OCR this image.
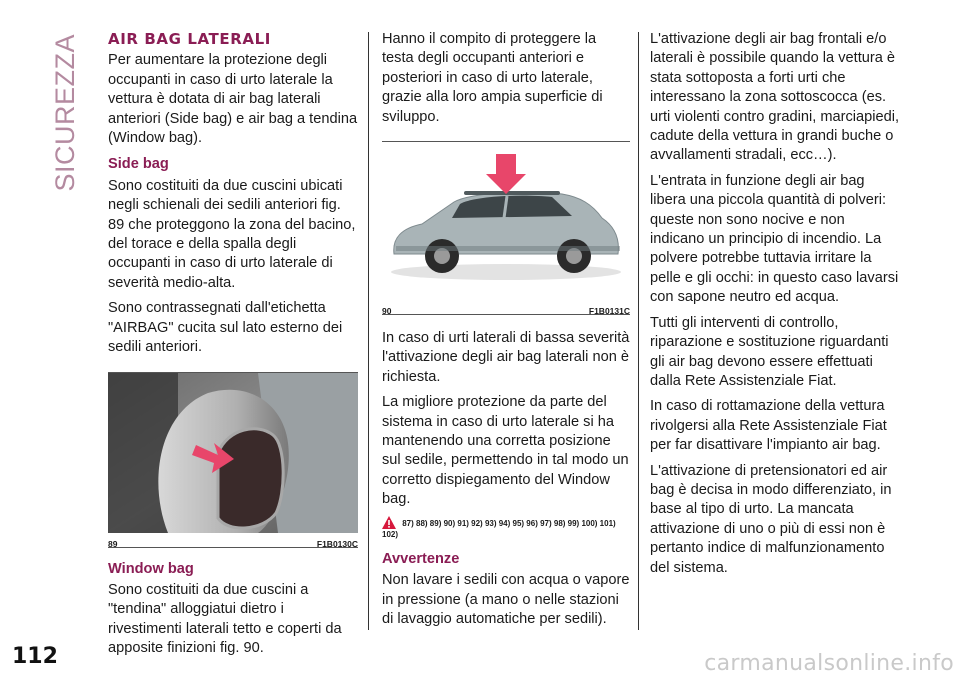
SICUREZZA
112
AIR BAG LATERALI

Per aumentare la protezione degli occupanti in caso di urto laterale la vettura è dotata di air bag laterali anteriori (Side bag) e air bag a tendina (Window bag).

Side bag

Sono costituiti da due cuscini ubicati negli schienali dei sedili anteriori fig. 89 che proteggono la zona del bacino, del torace e della spalla degli occupanti in caso di urto laterale di severità medio-alta.

Sono contrassegnati dall'etichetta "AIRBAG" cucita sul lato esterno dei sedili anteriori.

89	F1B0130C
Window bag

Sono costituiti da due cuscini a "tendina" alloggiatui dietro i rivestimenti laterali tetto e coperti da apposite finizioni fig. 90.

Hanno il compito di proteggere la testa degli occupanti anteriori e posteriori in caso di urto laterale, grazie alla loro ampia superficie di sviluppo.

90	F1B0131C

In caso di urti laterali di bassa severità l'attivazione degli air bag laterali non è richiesta.

La migliore protezione da parte del sistema in caso di urto laterale si ha mantenendo una corretta posizione sul sedile, permettendo in tal modo un corretto dispiegamento del Window bag.

87) 88) 89) 90) 91) 92) 93) 94) 95) 96) 97) 98) 99) 100) 101) 102)
Avvertenze

Non lavare i sedili con acqua o vapore in pressione (a mano o nelle stazioni di lavaggio automatiche per sedili).

L'attivazione degli air bag frontali e/o laterali è possibile quando la vettura è stata sottoposta a forti urti che interessano la zona sottoscocca (es. urti violenti contro gradini, marciapiedi, cadute della vettura in grandi buche o avvallamenti stradali, ecc…).

L'entrata in funzione degli air bag libera una piccola quantità di polveri: queste non sono nocive e non indicano un principio di incendio. La polvere potrebbe tuttavia irritare la pelle e gli occhi: in questo caso lavarsi con sapone neutro ed acqua.

Tutti gli interventi di controllo, riparazione e sostituzione riguardanti gli air bag devono essere effettuati dalla Rete Assistenziale Fiat.

In caso di rottamazione della vettura rivolgersi alla Rete Assistenziale Fiat per far disattivare l'impianto air bag.

L'attivazione di pretensionatori ed air bag è decisa in modo differenziato, in base al tipo di urto. La mancata attivazione di uno o più di essi non è pertanto indice di malfunzionamento del sistema.

carmanualsonline.info
